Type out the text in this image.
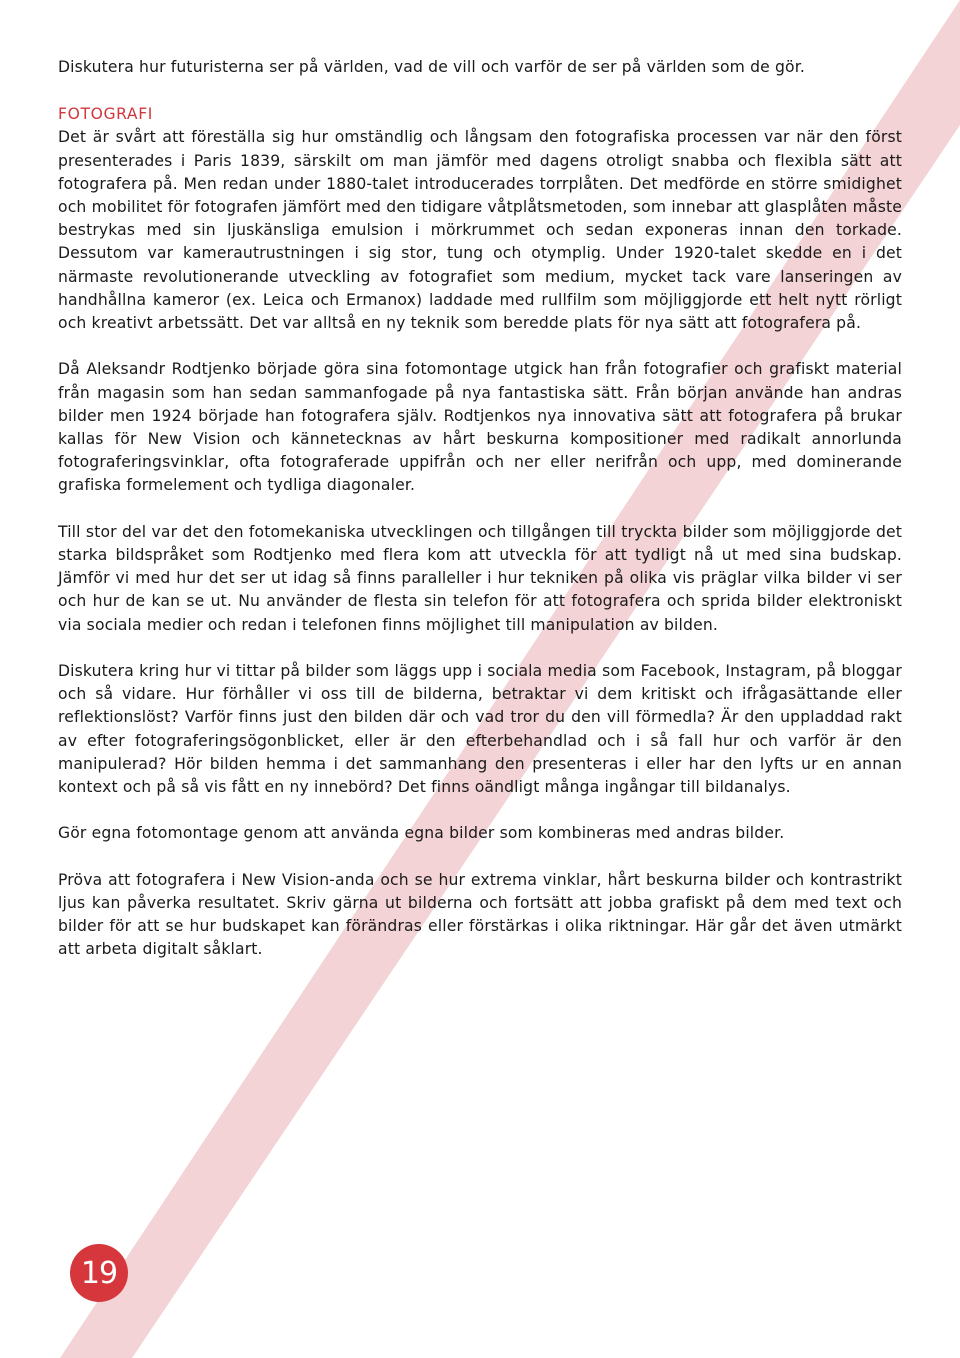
Diskutera hur futuristerna ser på världen, vad de vill och varför de ser på världen som de gör.

FOTOGRAFI

Det är svårt att föreställa sig hur omständlig och långsam den fotografiska processen var när den först presenterades i Paris 1839, särskilt om man jämför med dagens otroligt snabba och flexibla sätt att fotografera på. Men redan under 1880-talet introducerades torrplåten. Det medförde en större smidighet och mobilitet för fotografen jämfört med den tidigare våtplåtsmetoden, som innebar att glasplåten måste bestrykas med sin ljuskänsliga emulsion i mörkrummet och sedan exponeras innan den torkade. Dessutom var kamerautrustningen i sig stor, tung och otymplig. Under 1920-talet skedde en i det närmaste revolutionerande utveckling av fotografiet som medium, mycket tack vare lanseringen av handhållna kameror (ex. Leica och Ermanox) laddade med rullfilm som möjliggjorde ett helt nytt rörligt och kreativt arbetssätt. Det var alltså en ny teknik som beredde plats för nya sätt att fotografera på.

Då Aleksandr Rodtjenko började göra sina fotomontage utgick han från fotografier och grafiskt material från magasin som han sedan sammanfogade på nya fantastiska sätt. Från början använde han andras bilder men 1924 började han fotografera själv. Rodtjenkos nya innovativa sätt att fotografera på brukar kallas för New Vision och kännetecknas av hårt beskurna kompositioner med radikalt annorlunda fotograferingsvinklar, ofta fotograferade uppifrån och ner eller nerifrån och upp, med dominerande grafiska formelement och tydliga diagonaler.

Till stor del var det den fotomekaniska utvecklingen och tillgången till tryckta bilder som möjliggjorde det starka bildspråket som Rodtjenko med flera kom att utveckla för att tydligt nå ut med sina budskap. Jämför vi med hur det ser ut idag så finns paralleller i hur tekniken på olika vis präglar vilka bilder vi ser och hur de kan se ut. Nu använder de flesta sin telefon för att fotografera och sprida bilder elektroniskt via sociala medier och redan i telefonen finns möjlighet till manipulation av bilden.

Diskutera kring hur vi tittar på bilder som läggs upp i sociala media som Facebook, Instagram, på bloggar och så vidare. Hur förhåller vi oss till de bilderna, betraktar vi dem kritiskt och ifrågasättande eller reflektionslöst? Varför finns just den bilden där och vad tror du den vill förmedla? Är den uppladdad rakt av efter fotograferingsögonblicket, eller är den efterbehandlad och i så fall hur och varför är den manipulerad? Hör bilden hemma i det sammanhang den presenteras i eller har den lyfts ur en annan kontext och på så vis fått en ny innebörd? Det finns oändligt många ingångar till bildanalys.

Gör egna fotomontage genom att använda egna bilder som kombineras med andras bilder.

Pröva att fotografera i New Vision-anda och se hur extrema vinklar, hårt beskurna bilder och kontrastrikt ljus kan påverka resultatet. Skriv gärna ut bilderna och fortsätt att jobba grafiskt på dem med text och bilder för att se hur budskapet kan förändras eller förstärkas i olika riktningar. Här går det även utmärkt att arbeta digitalt såklart.

19
